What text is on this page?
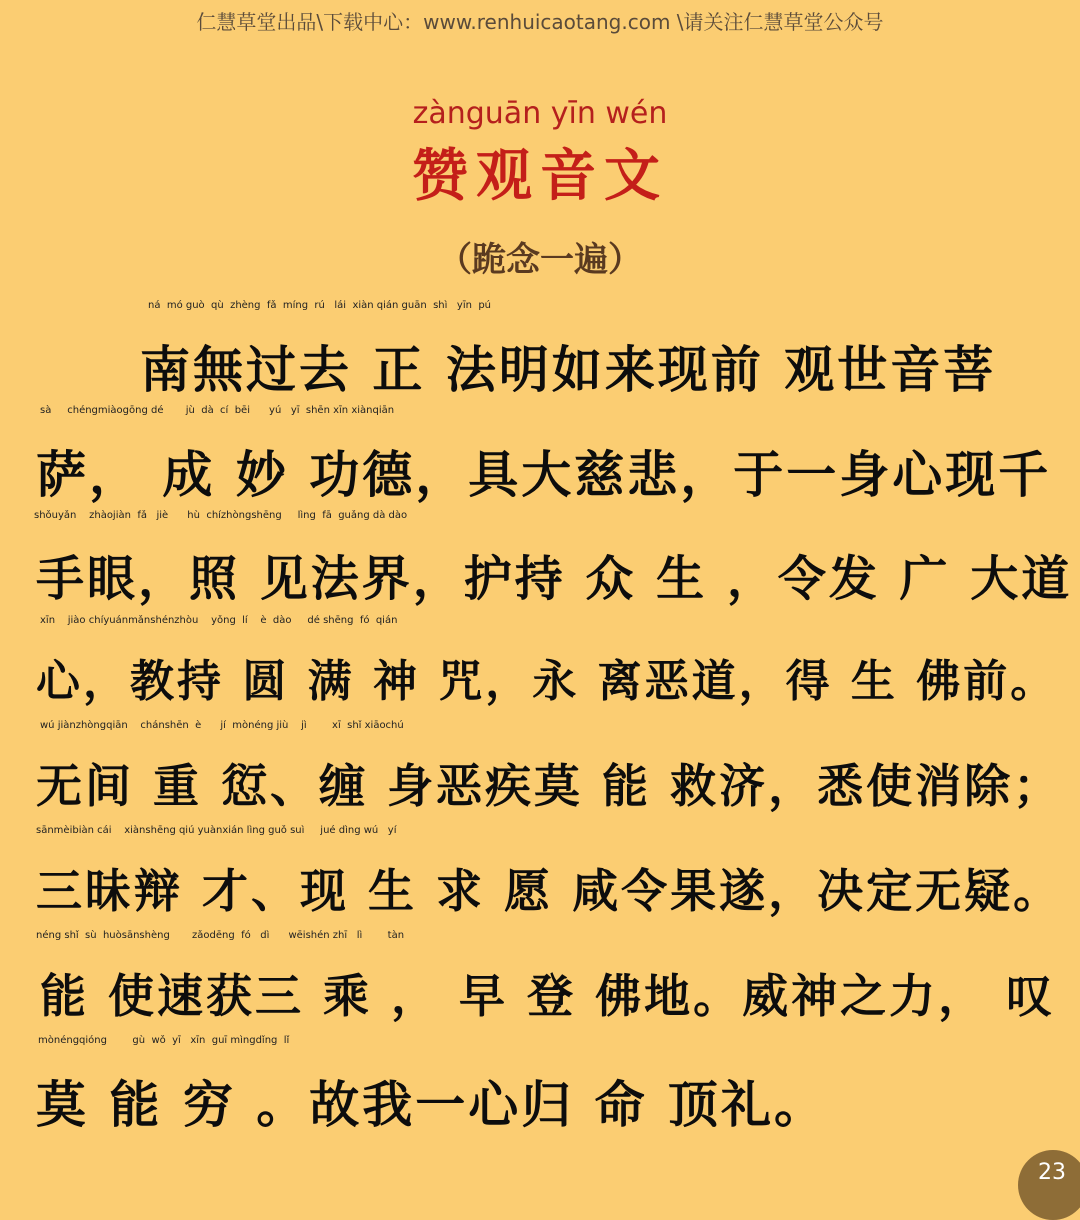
仁慧草堂出品\下载中心：www.renhuicaotang.com \请关注仁慧草堂公众号
zànguān yīn wén
赞观音文
（跪念一遍）
ná  mó guò  qù  zhèng  fǎ  míng  rú   lái  xiàn qián guān  shì   yīn  pú
南無过去 正 法明如来现前 观世音菩
sà     chéngmiàogōng dé       jù  dà  cí  bēi      yú   yī  shēn xīn xiànqiān
萨， 成 妙 功德，具大慈悲，于一身心现千
shǒuyǎn    zhàojiàn  fǎ   jiè      hù  chízhòngshēng     lìng  fā  guǎng dà dào
手眼，照 见法界，护持 众 生 ，令发 广 大道
xīn    jiào chíyuánmǎnshénzhòu    yǒng  lí    è  dào     dé shēng  fó  qián
心，教持 圆 满 神 咒，永 离恶道，得 生 佛前。
wú jiànzhòngqiān    chánshēn  è      jí  mònéng jiù    jì        xī  shǐ xiāochú
无间 重 愆、缠 身恶疾莫 能 救济，悉使消除；
sānmèibiàn cái    xiànshēng qiú yuànxián lìng guǒ suì     jué dìng wú   yí
三昧辩 才、现 生 求 愿 咸令果遂，决定无疑。
néng shǐ  sù  huòsānshèng       zǎodēng  fó   dì      wēishén zhī   lì        tàn
能 使速获三 乘 ， 早 登 佛地。威神之力， 叹
mònéngqióng        gù  wǒ  yī   xīn  guī mìngdǐng  lǐ
莫 能 穷 。故我一心归 命 顶礼。
23
